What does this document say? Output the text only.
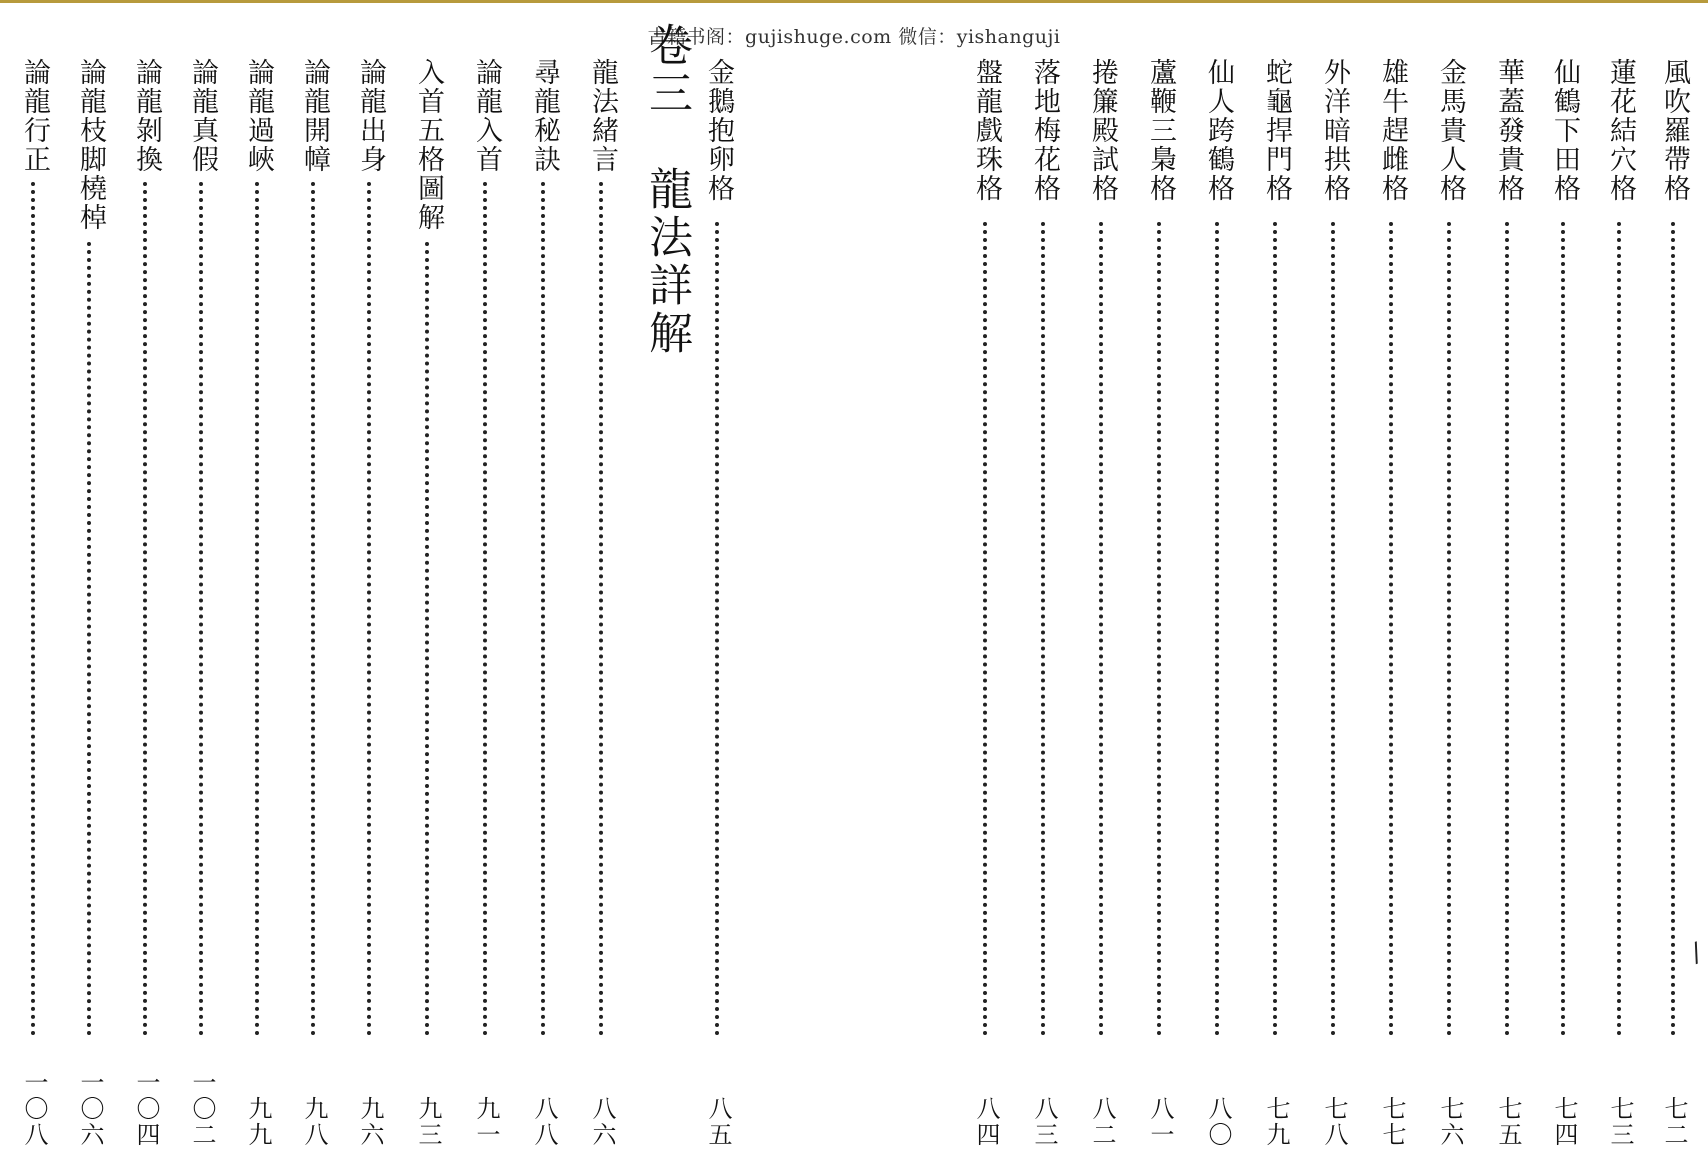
古籍书阁：gujishuge.com 微信：yishanguji
論龍行正
一〇八
論龍枝脚橈棹
一〇六
論龍剝換
一〇四
論龍真假
一〇二
論龍過峽
九九
論龍開幛
九八
論龍出身
九六
入首五格圖解
九三
論龍入首
九一
尋龍秘訣
八八
龍法緒言
八六
卷三　龍法詳解 金鵝抱卵格
八五
盤龍戲珠格
八四
落地梅花格
八三
捲簾殿試格
八二
蘆鞭三梟格
八一
仙人跨鶴格
八〇
蛇龜捍門格
七九
外洋暗拱格
七八
雄牛趕雌格
七七
金馬貴人格
七六
華蓋發貴格
七五
仙鶴下田格
七四
蓮花結穴格
七三
風吹羅帶格
七二
∕
